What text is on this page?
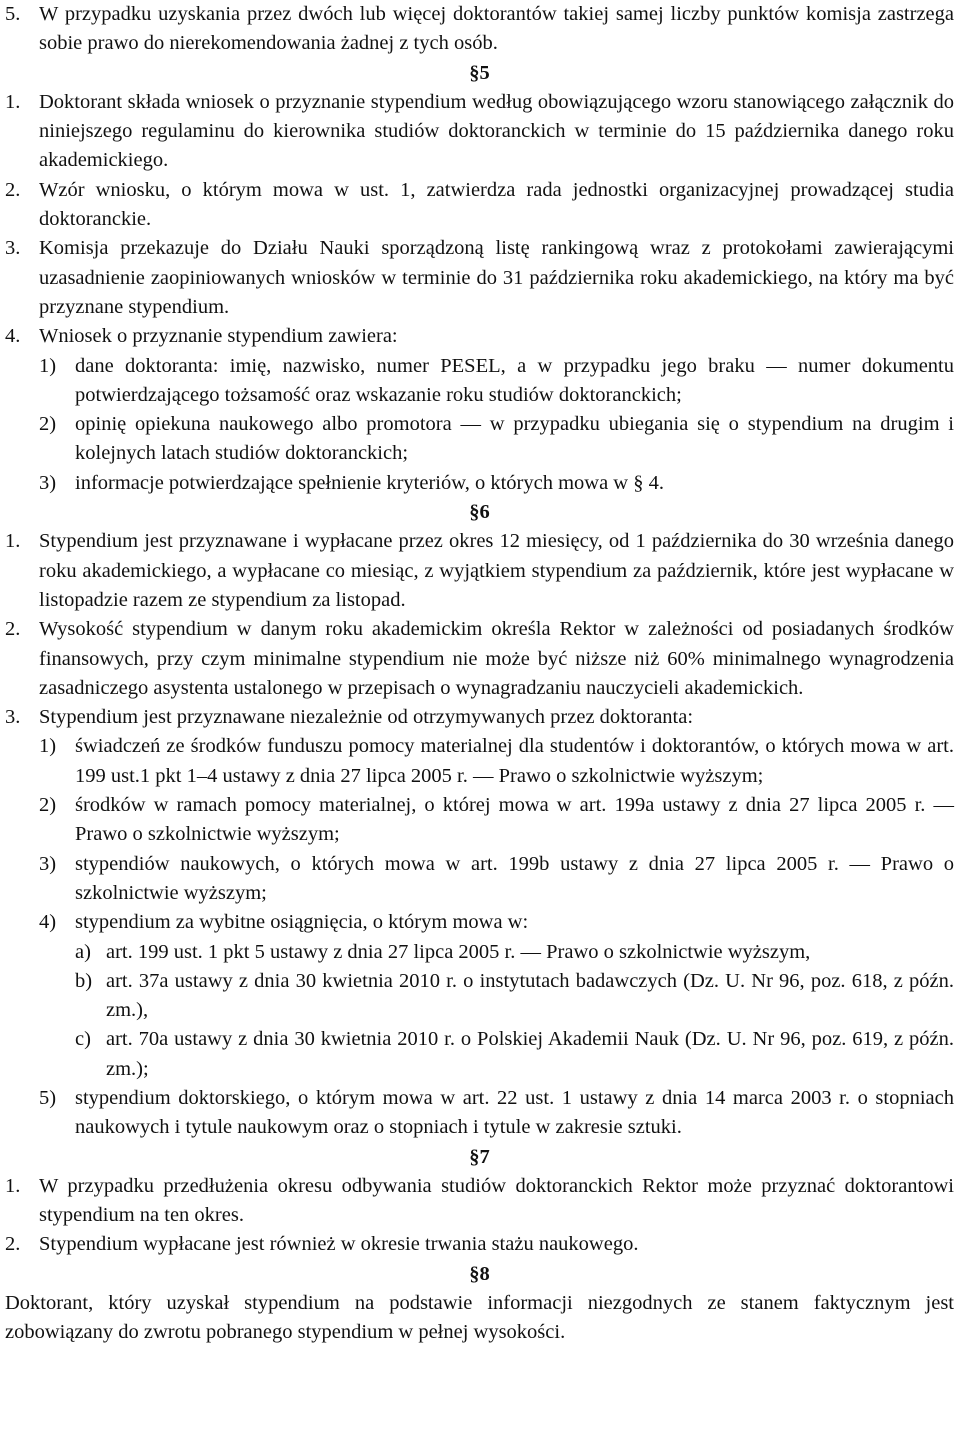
5. W przypadku uzyskania przez dwóch lub więcej doktorantów takiej samej liczby punktów komisja zastrzega sobie prawo do nierekomendowania żadnej z tych osób.

§5

1. Doktorant składa wniosek o przyznanie stypendium według obowiązującego wzoru stanowiącego załącznik do niniejszego regulaminu do kierownika studiów doktoranckich w terminie do 15 października danego roku akademickiego.
2. Wzór wniosku, o którym mowa w ust. 1, zatwierdza rada jednostki organizacyjnej prowadzącej studia doktoranckie.
3. Komisja przekazuje do Działu Nauki sporządzoną listę rankingową wraz z protokołami zawierającymi uzasadnienie zaopiniowanych wniosków w terminie do 31 października roku akademickiego, na który ma być przyznane stypendium.
4. Wniosek o przyznanie stypendium zawiera:
1) dane doktoranta: imię, nazwisko, numer PESEL, a w przypadku jego braku ― numer dokumentu potwierdzającego tożsamość oraz wskazanie roku studiów doktoranckich;
2) opinię opiekuna naukowego albo promotora ― w przypadku ubiegania się o stypendium na drugim i kolejnych latach studiów doktoranckich;
3) informacje potwierdzające spełnienie kryteriów, o których mowa w § 4.

§6

1. Stypendium jest przyznawane i wypłacane przez okres 12 miesięcy, od 1 października do 30 września danego roku akademickiego, a wypłacane co miesiąc, z wyjątkiem stypendium za październik, które jest wypłacane w listopadzie razem ze stypendium za listopad.
2. Wysokość stypendium w danym roku akademickim określa Rektor w zależności od posiadanych środków finansowych, przy czym minimalne stypendium nie może być niższe niż 60% minimalnego wynagrodzenia zasadniczego asystenta ustalonego w przepisach o wynagradzaniu nauczycieli akademickich.
3. Stypendium jest przyznawane niezależnie od otrzymywanych przez doktoranta:
1) świadczeń ze środków funduszu pomocy materialnej dla studentów i doktorantów, o których mowa w art. 199 ust.1 pkt 1–4 ustawy z dnia 27 lipca 2005 r. ― Prawo o szkolnictwie wyższym;
2) środków w ramach pomocy materialnej, o której mowa w art. 199a ustawy z dnia 27 lipca 2005 r. ― Prawo o szkolnictwie wyższym;
3) stypendiów naukowych, o których mowa w art. 199b ustawy z dnia 27 lipca 2005 r. ― Prawo o szkolnictwie wyższym;
4) stypendium za wybitne osiągnięcia, o którym mowa w:
a) art. 199 ust. 1 pkt 5 ustawy z dnia 27 lipca 2005 r. ― Prawo o szkolnictwie wyższym,
b) art. 37a ustawy z dnia 30 kwietnia 2010 r. o instytutach badawczych (Dz. U. Nr 96, poz. 618, z późn. zm.),
c) art. 70a ustawy z dnia 30 kwietnia 2010 r. o Polskiej Akademii Nauk (Dz. U. Nr 96, poz. 619, z późn. zm.);
5) stypendium doktorskiego, o którym mowa w art. 22 ust. 1 ustawy z dnia 14 marca 2003 r. o stopniach naukowych i tytule naukowym oraz o stopniach i tytule w zakresie sztuki.

§7

1. W przypadku przedłużenia okresu odbywania studiów doktoranckich Rektor może przyznać doktorantowi stypendium na ten okres.
2. Stypendium wypłacane jest również w okresie trwania stażu naukowego.

§8

Doktorant, który uzyskał stypendium na podstawie informacji niezgodnych ze stanem faktycznym jest zobowiązany do zwrotu pobranego stypendium w pełnej wysokości.
